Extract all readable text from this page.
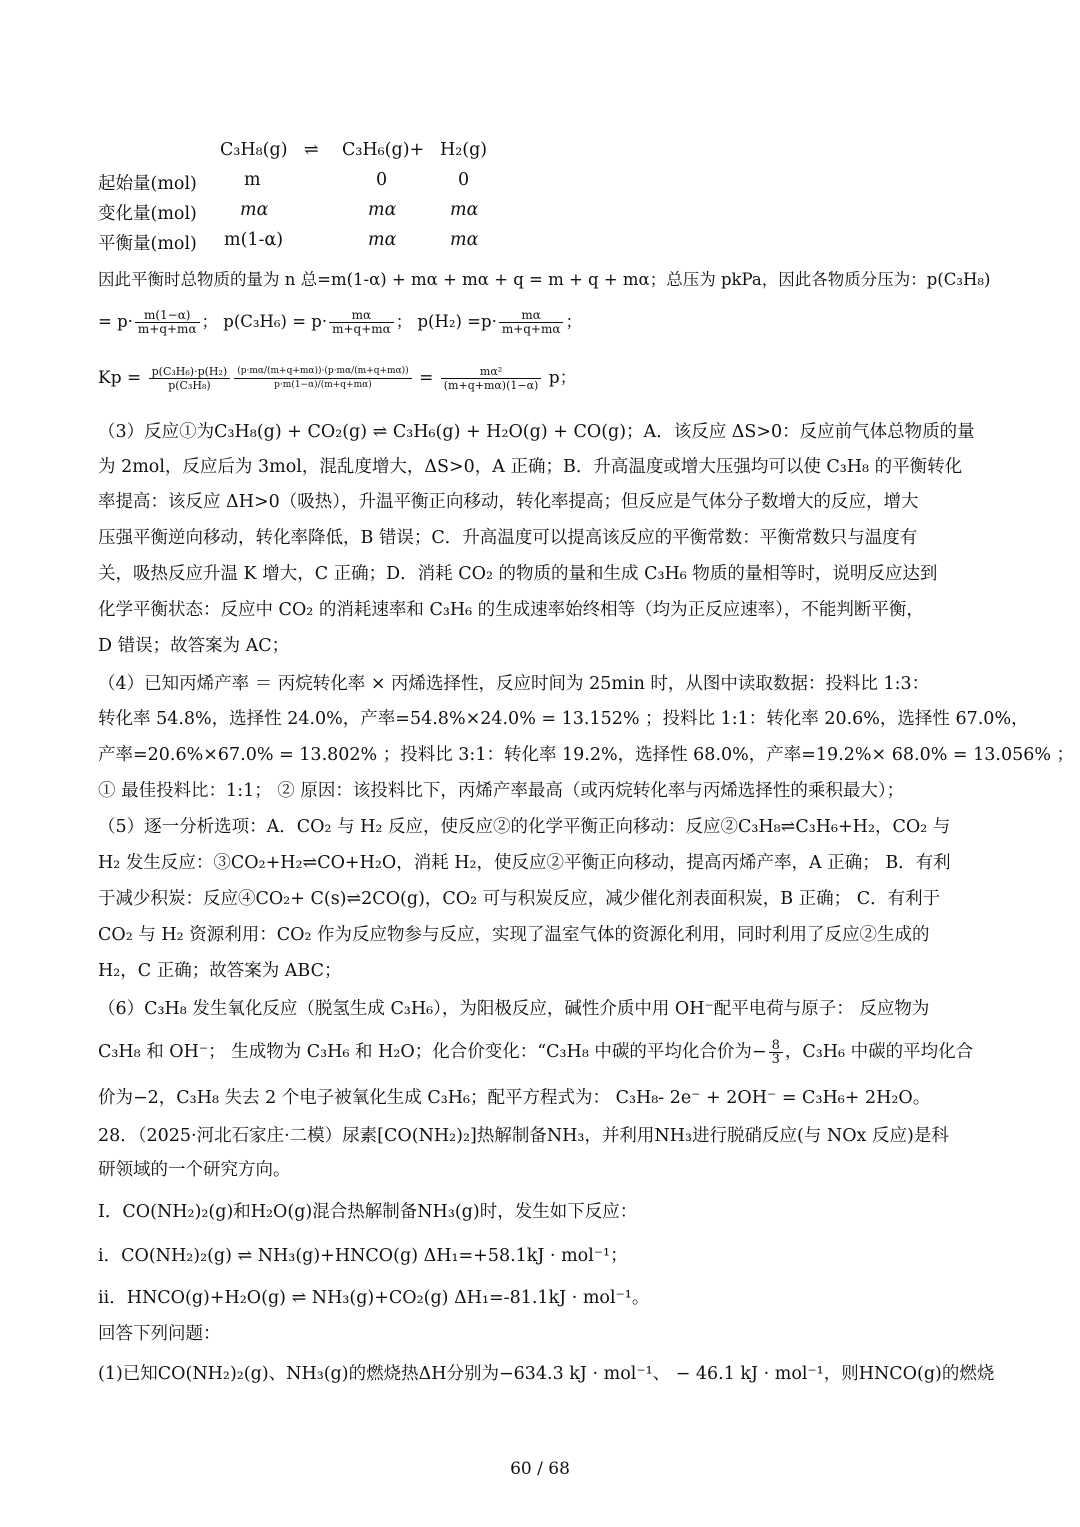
C₃H₈(g) ⇌ C₃H₆(g)+ H₂(g)
起始量(mol)	m	0	0
变化量(mol) mα	mα	mα
平衡量(mol) m(1-α)	mα	mα
因此平衡时总物质的量为 n 总=m(1-α) + mα + mα + q = m + q + mα；总压为 pkPa，因此各物质分压为：p(C₃H₈)
= $p\cdot \frac{m(1-\alpha)}{m+q+m\alpha}$ ； $p(C_3H_6) = p\cdot \frac{m\alpha}{m+q+m\alpha}$ ； $p(H_2) =p\cdot \frac{m\alpha}{m+q+m\alpha}$ ；
$Kp = \frac{\text{p(C₃H₆)·p(H₂)}}{\text{p(C₃H₈)}} \frac{(p\cdot m\alpha/(m+q+m\alpha))\cdot(p\cdot m\alpha/(m+q+m\alpha))}{p\cdot m(1-\alpha)/(m+q+m\alpha)} = \frac{\text{mα²}}{(m+q+m\alpha)(1-\alpha)}$ p；
（3）反应①为C₃H₈(g) + CO₂(g) ⇌ C₃H₆(g) + H₂O(g) + CO(g)；A．该反应 ΔS>0：反应前气体总物质的量
为 2mol，反应后为 3mol，混乱度增大，ΔS>0，A 正确；B．升高温度或增大压强均可以使 C₃H₈ 的平衡转化
率提高：该反应 ΔH>0（吸热），升温平衡正向移动，转化率提高；但反应是气体分子数增大的反应，增大
压强平衡逆向移动，转化率降低，B 错误；C．升高温度可以提高该反应的平衡常数：平衡常数只与温度有
关，吸热反应升温 K 增大，C 正确；D．消耗 CO₂ 的物质的量和生成 C₃H₆ 物质的量相等时，说明反应达到
化学平衡状态：反应中 CO₂ 的消耗速率和 C₃H₆ 的生成速率始终相等（均为正反应速率），不能判断平衡，
D 错误；故答案为 AC；
（4）已知丙烯产率 ＝ 丙烷转化率 × 丙烯选择性，反应时间为 25min 时，从图中读取数据：投料比 1:3：
转化率 54.8%，选择性 24.0%，产率=54.8%×24.0% = 13.152% ；投料比 1:1：转化率 20.6%，选择性 67.0%，
产率=20.6%×67.0% = 13.802% ；投料比 3:1：转化率 19.2%，选择性 68.0%，产率=19.2%× 68.0% = 13.056% ；
① 最佳投料比：1:1； ② 原因：该投料比下，丙烯产率最高（或丙烷转化率与丙烯选择性的乘积最大）；
（5）逐一分析选项：A．CO₂ 与 H₂ 反应，使反应②的化学平衡正向移动：反应②C₃H₈⇌C₃H₆+H₂，CO₂ 与
H₂ 发生反应：③CO₂+H₂⇌CO+H₂O，消耗 H₂，使反应②平衡正向移动，提高丙烯产率，A 正确； B．有利
于减少积炭：反应④CO₂+ C(s)⇌2CO(g)，CO₂ 可与积炭反应，减少催化剂表面积炭，B 正确； C．有利于
CO₂ 与 H₂ 资源利用：CO₂ 作为反应物参与反应，实现了温室气体的资源化利用，同时利用了反应②生成的
H₂，C 正确；故答案为 ABC；
（6）C₃H₈ 发生氧化反应（脱氢生成 C₃H₆），为阳极反应，碱性介质中用 OH⁻配平电荷与原子： 反应物为
C₃H₈ 和 OH⁻； 生成物为 C₃H₆ 和 H₂O；化合价变化：“C₃H₈ 中碳的平均化合价为− $\frac{8}{3}$ ，C₃H₆ 中碳的平均化合
价为−2，C₃H₈ 失去 2 个电子被氧化生成 C₃H₆；配平方程式为： C₃H₈- 2e⁻ + 2OH⁻ = C₃H₆+ 2H₂O。
28．（2025·河北石家庄·二模）尿素[CO(NH₂)₂]热解制备NH₃，并利用NH₃进行脱硝反应(与 NOx 反应)是科
研领域的一个研究方向。
I．CO(NH₂)₂(g)和H₂O(g)混合热解制备NH₃(g)时，发生如下反应：
i．CO(NH₂)₂(g) ⇌ NH₃(g)+HNCO(g) ΔH₁=+58.1kJ · mol⁻¹；
ii．HNCO(g)+H₂O(g) ⇌ NH₃(g)+CO₂(g) ΔH₁=-81.1kJ · mol⁻¹。
回答下列问题：
(1)已知CO(NH₂)₂(g)、NH₃(g)的燃烧热ΔH分别为−634.3 kJ · mol⁻¹、 − 46.1 kJ · mol⁻¹，则HNCO(g)的燃烧
60 / 68
